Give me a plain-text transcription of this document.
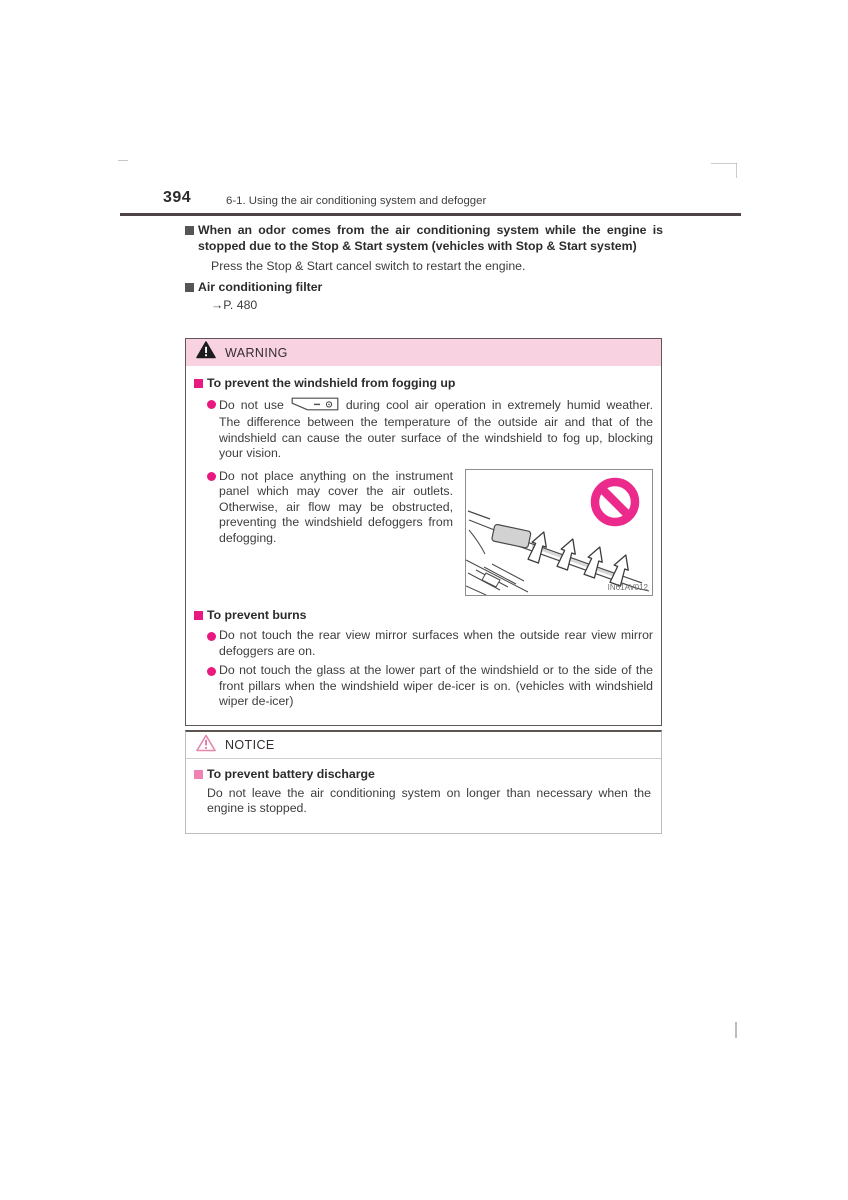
394	6-1. Using the air conditioning system and defogger
When an odor comes from the air conditioning system while the engine is stopped due to the Stop & Start system (vehicles with Stop & Start system)
Press the Stop & Start cancel switch to restart the engine.
Air conditioning filter
→P. 480
WARNING
To prevent the windshield from fogging up
Do not use	during cool air operation in extremely humid weather. The difference between the temperature of the outside air and that of the windshield can cause the outer surface of the windshield to fog up, blocking your vision.
Do not place anything on the instrument panel which may cover the air outlets. Otherwise, air flow may be obstructed, preventing the windshield defoggers from defogging.
IN61AV012
To prevent burns
Do not touch the rear view mirror surfaces when the outside rear view mirror defoggers are on.
Do not touch the glass at the lower part of the windshield or to the side of the front pillars when the windshield wiper de-icer is on. (vehicles with windshield wiper de-icer)
NOTICE
To prevent battery discharge
Do not leave the air conditioning system on longer than necessary when the engine is stopped.
